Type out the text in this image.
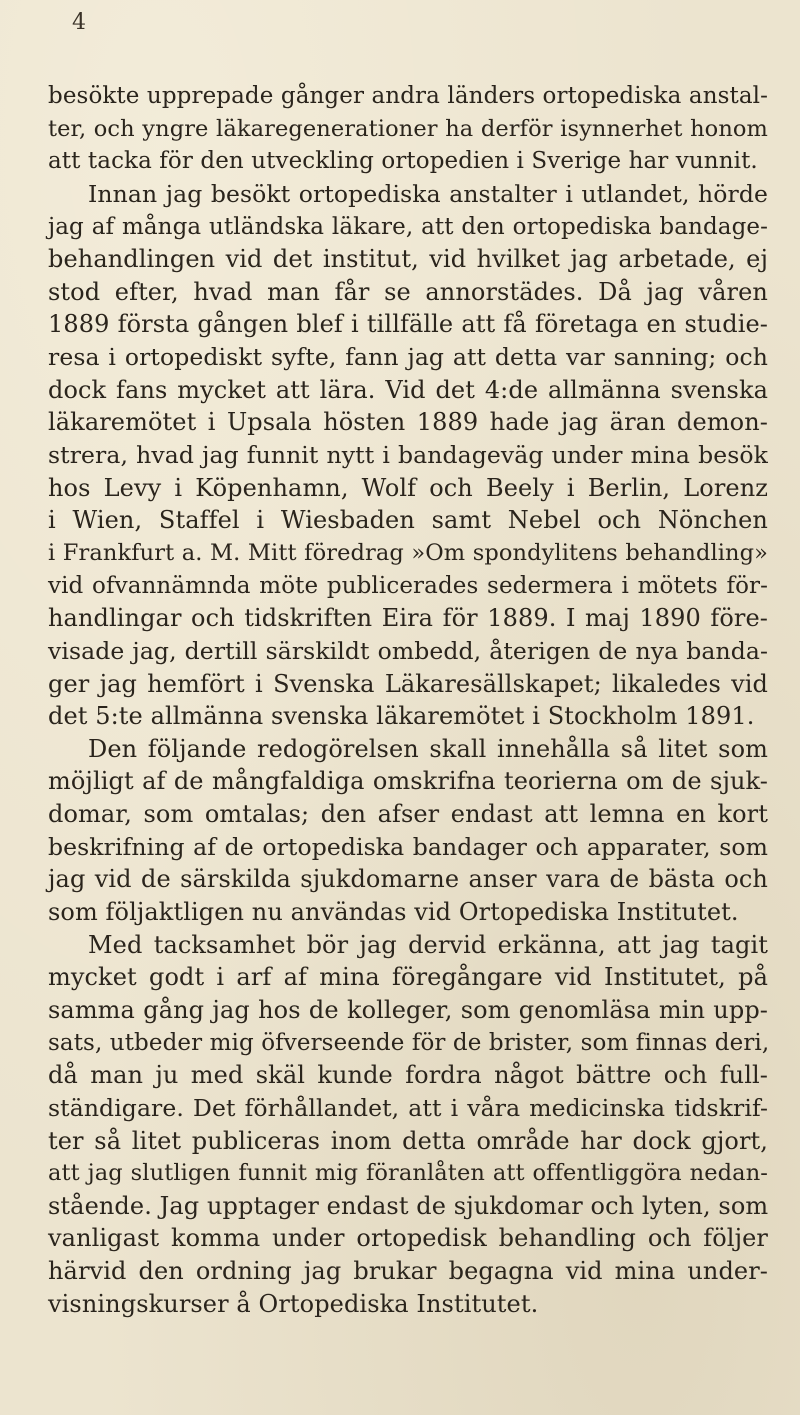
4
besökte upprepade gånger andra länders ortopediska anstal-
ter, och yngre läkaregenerationer ha derför isynnerhet honom
att tacka för den utveckling ortopedien i Sverige har vunnit.
Innan jag besökt ortopediska anstalter i utlandet, hörde
jag af många utländska läkare, att den ortopediska bandage-
behandlingen vid det institut, vid hvilket jag arbetade, ej
stod efter, hvad man får se annorstädes. Då jag våren
1889 första gången blef i tillfälle att få företaga en studie-
resa i ortopediskt syfte, fann jag att detta var sanning; och
dock fans mycket att lära. Vid det 4:de allmänna svenska
läkaremötet i Upsala hösten 1889 hade jag äran demon-
strera, hvad jag funnit nytt i bandageväg under mina besök
hos Levy i Köpenhamn, Wolf och Beely i Berlin, Lorenz
i Wien, Staffel i Wiesbaden samt Nebel och Nönchen
i Frankfurt a. M. Mitt föredrag »Om spondylitens behandling»
vid ofvannämnda möte publicerades sedermera i mötets för-
handlingar och tidskriften Eira för 1889. I maj 1890 före-
visade jag, dertill särskildt ombedd, återigen de nya banda-
ger jag hemfört i Svenska Läkaresällskapet; likaledes vid
det 5:te allmänna svenska läkaremötet i Stockholm 1891.
Den följande redogörelsen skall innehålla så litet som
möjligt af de mångfaldiga omskrifna teorierna om de sjuk-
domar, som omtalas; den afser endast att lemna en kort
beskrifning af de ortopediska bandager och apparater, som
jag vid de särskilda sjukdomarne anser vara de bästa och
som följaktligen nu användas vid Ortopediska Institutet.
Med tacksamhet bör jag dervid erkänna, att jag tagit
mycket godt i arf af mina föregångare vid Institutet, på
samma gång jag hos de kolleger, som genomläsa min upp-
sats, utbeder mig öfverseende för de brister, som finnas deri,
då man ju med skäl kunde fordra något bättre och full-
ständigare. Det förhållandet, att i våra medicinska tidskrif-
ter så litet publiceras inom detta område har dock gjort,
att jag slutligen funnit mig föranlåten att offentliggöra nedan-
stående. Jag upptager endast de sjukdomar och lyten, som
vanligast komma under ortopedisk behandling och följer
härvid den ordning jag brukar begagna vid mina under-
visningskurser å Ortopediska Institutet.
